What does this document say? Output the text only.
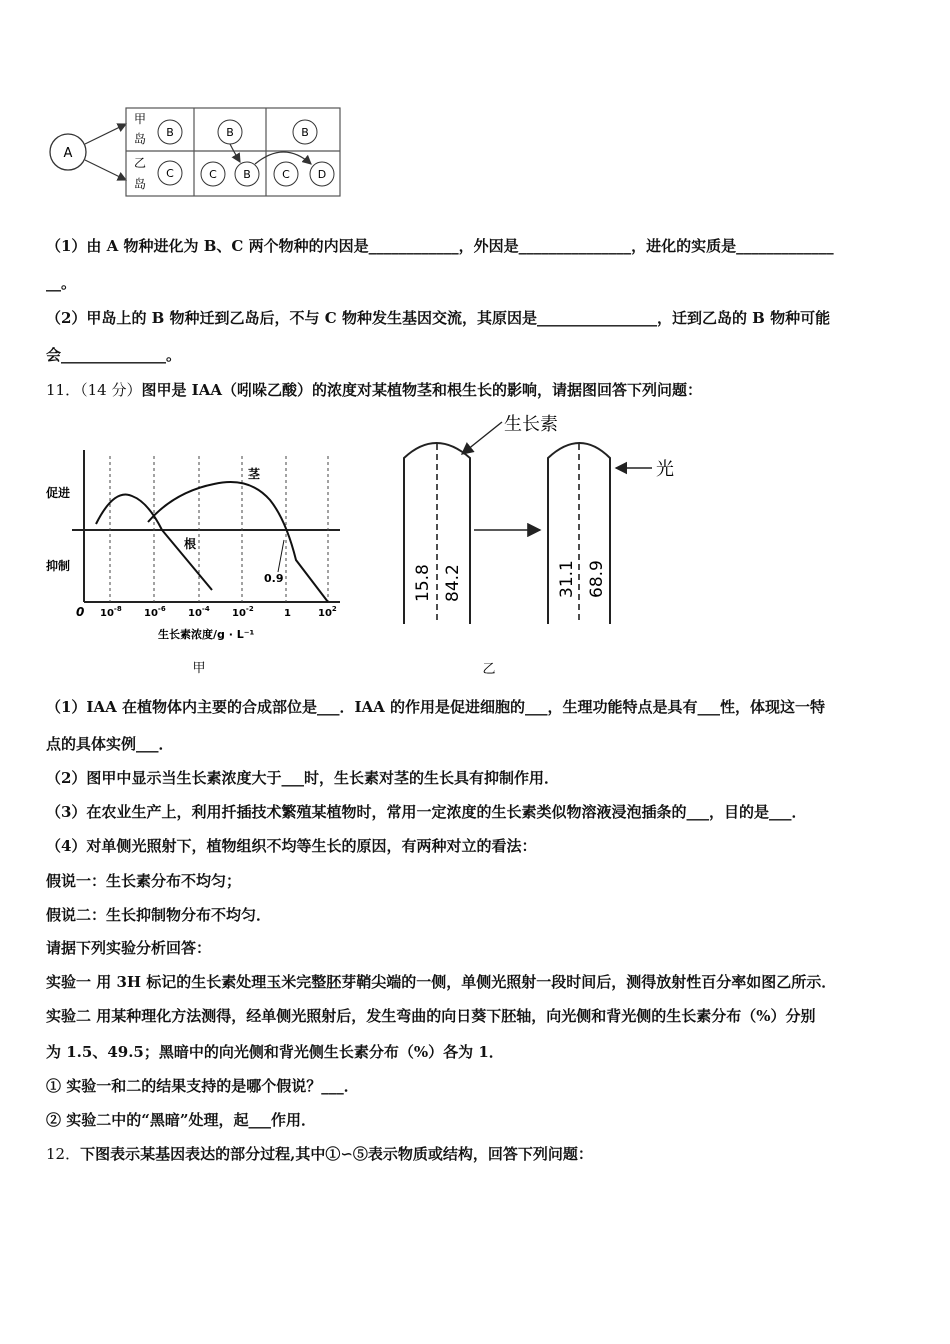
A
甲
岛
乙
岛
B	B	B
C	C B	C	D
（1）由 A 物种进化为 B、C 两个物种的内因是____________，外因是_______________，进化的实质是_____________
__。
（2）甲岛上的 B 物种迁到乙岛后，不与 C 物种发生基因交流，其原因是________________，迁到乙岛的 B 物种可能
会______________。
11．（14 分）图甲是 IAA（吲哚乙酸）的浓度对某植物茎和根生长的影响，请据图回答下列问题：
促进
抑制
茎
根
0.9
0 $10^{-8}$ $10^{-6}$ $10^{-4}$ $10^{-2}$	1	$10^2$
生长素浓度/g · L⁻¹
甲
生长素
光
15.8 84.2	31.1 68.9
乙
（1）IAA 在植物体内主要的合成部位是___．IAA 的作用是促进细胞的___，生理功能特点是具有___性，体现这一特
点的具体实例___．
（2）图甲中显示当生长素浓度大于___时，生长素对茎的生长具有抑制作用．
（3）在农业生产上，利用扦插技术繁殖某植物时，常用一定浓度的生长素类似物溶液浸泡插条的___，目的是___．
（4）对单侧光照射下，植物组织不均等生长的原因，有两种对立的看法：
假说一：生长素分布不均匀；
假说二：生长抑制物分布不均匀．
请据下列实验分析回答：
实验一 用 3H 标记的生长素处理玉米完整胚芽鞘尖端的一侧，单侧光照射一段时间后，测得放射性百分率如图乙所示．
实验二 用某种理化方法测得，经单侧光照射后，发生弯曲的向日葵下胚轴，向光侧和背光侧的生长素分布（%）分别
为 1.5、49.5；黑暗中的向光侧和背光侧生长素分布（%）各为 1．
① 实验一和二的结果支持的是哪个假说？___．
② 实验二中的“黑暗”处理，起___作用．
12．下图表示某基因表达的部分过程,其中①∽⑤表示物质或结构，回答下列问题：
